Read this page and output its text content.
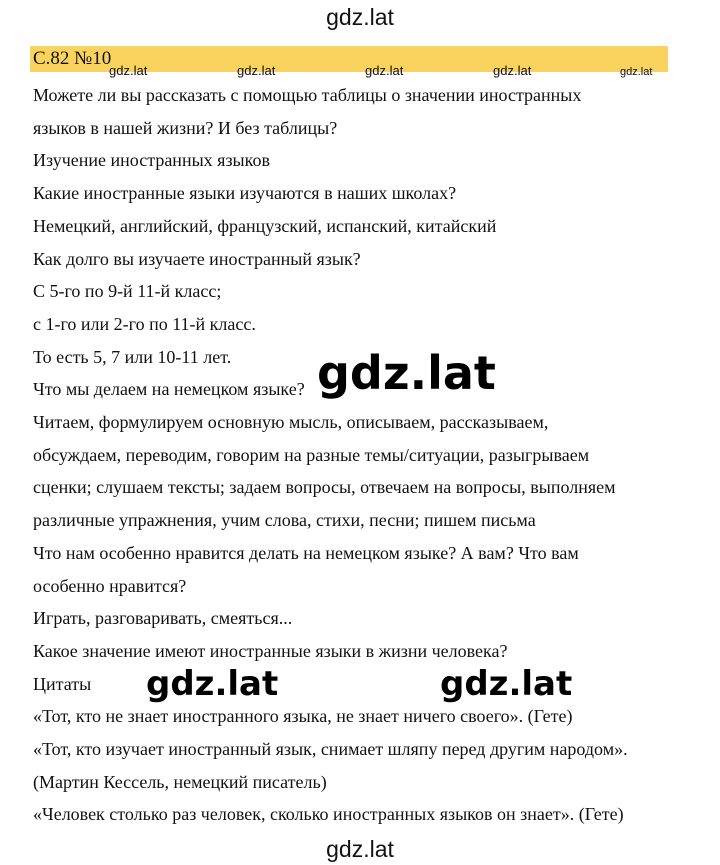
gdz.lat
С.82 №10
gdz.lat	gdz.lat	gdz.lat	gdz.lat	gdz.lat
Можете ли вы рассказать с помощью таблицы о значении иностранных
языков в нашей жизни? И без таблицы?
Изучение иностранных языков
Какие иностранные языки изучаются в наших школах?
Немецкий, английский, французский, испанский, китайский
Как долго вы изучаете иностранный язык?
С 5-го по 9-й 11-й класс;
с 1-го или 2-го по 11-й класс.
То есть 5, 7 или 10-11 лет.
Что мы делаем на немецком языке?
Читаем, формулируем основную мысль, описываем, рассказываем,
обсуждаем, переводим, говорим на разные темы/ситуации, разыгрываем
сценки; слушаем тексты; задаем вопросы, отвечаем на вопросы, выполняем
различные упражнения, учим слова, стихи, песни; пишем письма
Что нам особенно нравится делать на немецком языке? А вам? Что вам
особенно нравится?
Играть, разговаривать, смеяться...
Какое значение имеют иностранные языки в жизни человека?
Цитаты
«Тот, кто не знает иностранного языка, не знает ничего своего». (Гете)
«Тот, кто изучает иностранный язык, снимает шляпу перед другим народом».
(Мартин Кессель, немецкий писатель)
«Человек столько раз человек, сколько иностранных языков он знает». (Гете)
gdz.lat
gdz.lat	gdz.lat
gdz.lat
